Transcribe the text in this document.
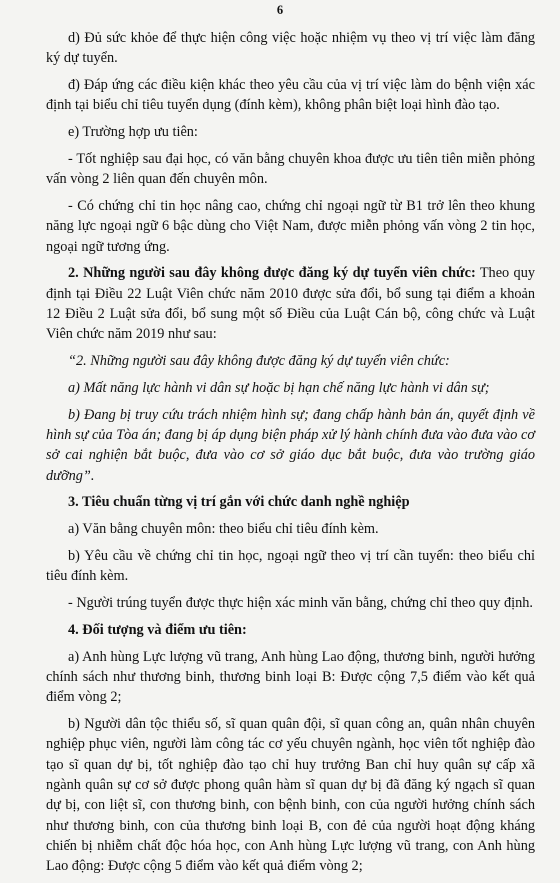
6

d) Đủ sức khỏe để thực hiện công việc hoặc nhiệm vụ theo vị trí việc làm đăng ký dự tuyển.

đ) Đáp ứng các điều kiện khác theo yêu cầu của vị trí việc làm do bệnh viện xác định tại biểu chỉ tiêu tuyển dụng (đính kèm), không phân biệt loại hình đào tạo.

e) Trường hợp ưu tiên:

- Tốt nghiệp sau đại học, có văn bằng chuyên khoa được ưu tiên tiên miễn phỏng vấn vòng 2 liên quan đến chuyên môn.

- Có chứng chỉ tin học nâng cao, chứng chỉ ngoại ngữ từ B1 trở lên theo khung năng lực ngoại ngữ 6 bậc dùng cho Việt Nam, được miễn phỏng vấn vòng 2 tin học, ngoại ngữ tương ứng.

2. Những người sau đây không được đăng ký dự tuyển viên chức: Theo quy định tại Điều 22 Luật Viên chức năm 2010 được sửa đổi, bổ sung tại điểm a khoản 12 Điều 2 Luật sửa đổi, bổ sung một số Điều của Luật Cán bộ, công chức và Luật Viên chức năm 2019 như sau:

“2. Những người sau đây không được đăng ký dự tuyển viên chức:

a) Mất năng lực hành vi dân sự hoặc bị hạn chế năng lực hành vi dân sự;

b) Đang bị truy cứu trách nhiệm hình sự; đang chấp hành bản án, quyết định về hình sự của Tòa án; đang bị áp dụng biện pháp xử lý hành chính đưa vào đưa vào cơ sở cai nghiện bắt buộc, đưa vào cơ sở giáo dục bắt buộc, đưa vào trường giáo dưỡng”.

3. Tiêu chuẩn từng vị trí gắn với chức danh nghề nghiệp

a) Văn bằng chuyên môn: theo biểu chỉ tiêu đính kèm.

b) Yêu cầu về chứng chỉ tin học, ngoại ngữ theo vị trí cần tuyển: theo biểu chỉ tiêu đính kèm.

- Người trúng tuyển được thực hiện xác minh văn bằng, chứng chỉ theo quy định.

4. Đối tượng và điểm ưu tiên:

a) Anh hùng Lực lượng vũ trang, Anh hùng Lao động, thương binh, người hưởng chính sách như thương binh, thương binh loại B: Được cộng 7,5 điểm vào kết quả điểm vòng 2;

b) Người dân tộc thiểu số, sĩ quan quân đội, sĩ quan công an, quân nhân chuyên nghiệp phục viên, người làm công tác cơ yếu chuyên ngành, học viên tốt nghiệp đào tạo sĩ quan dự bị, tốt nghiệp đào tạo chỉ huy trưởng Ban chỉ huy quân sự cấp xã ngành quân sự cơ sở được phong quân hàm sĩ quan dự bị đã đăng ký ngạch sĩ quan dự bị, con liệt sĩ, con thương binh, con bệnh binh, con của người hưởng chính sách như thương binh, con của thương binh loại B, con đẻ của người hoạt động kháng chiến bị nhiễm chất độc hóa học, con Anh hùng Lực lượng vũ trang, con Anh hùng Lao động: Được cộng 5 điểm vào kết quả điểm vòng 2;
